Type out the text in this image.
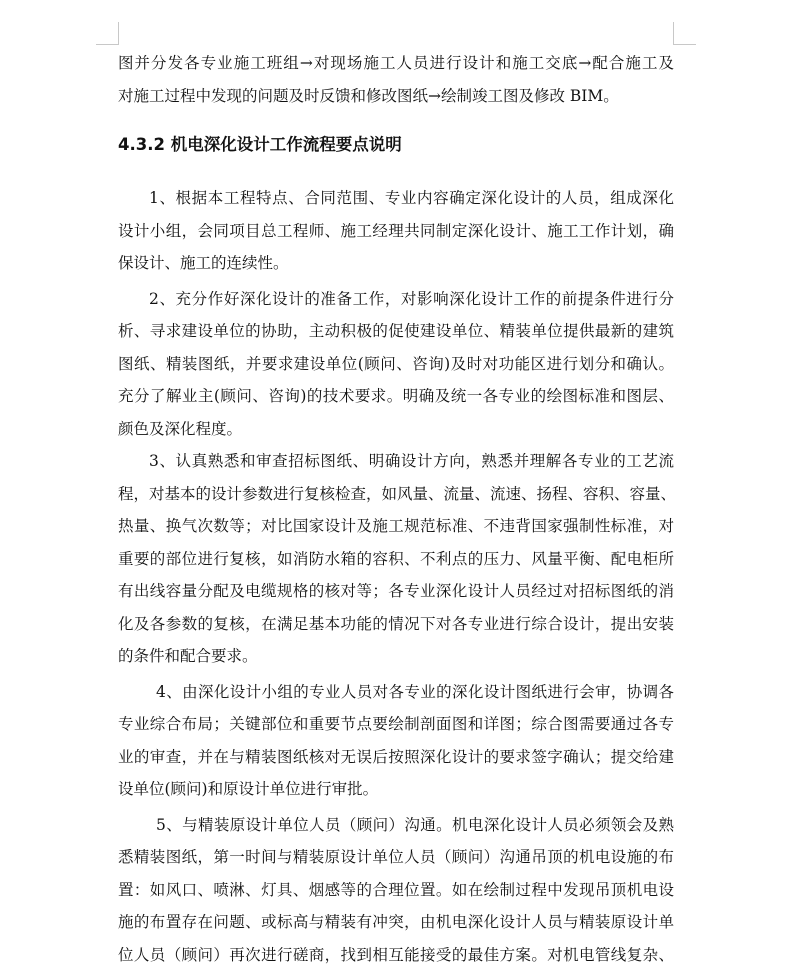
图并分发各专业施工班组→对现场施工人员进行设计和施工交底→配合施工及
对施工过程中发现的问题及时反馈和修改图纸→绘制竣工图及修改 BIM。
4.3.2 机电深化设计工作流程要点说明
1、根据本工程特点、合同范围、专业内容确定深化设计的人员，组成深化
设计小组，会同项目总工程师、施工经理共同制定深化设计、施工工作计划，确
保设计、施工的连续性。
2、充分作好深化设计的准备工作，对影响深化设计工作的前提条件进行分
析、寻求建设单位的协助，主动积极的促使建设单位、精装单位提供最新的建筑
图纸、精装图纸，并要求建设单位(顾问、咨询)及时对功能区进行划分和确认。
充分了解业主(顾问、咨询)的技术要求。明确及统一各专业的绘图标准和图层、
颜色及深化程度。
3、认真熟悉和审查招标图纸、明确设计方向，熟悉并理解各专业的工艺流
程，对基本的设计参数进行复核检查，如风量、流量、流速、扬程、容积、容量、
热量、换气次数等；对比国家设计及施工规范标准、不违背国家强制性标准，对
重要的部位进行复核，如消防水箱的容积、不利点的压力、风量平衡、配电柜所
有出线容量分配及电缆规格的核对等；各专业深化设计人员经过对招标图纸的消
化及各参数的复核，在满足基本功能的情况下对各专业进行综合设计，提出安装
的条件和配合要求。
4、由深化设计小组的专业人员对各专业的深化设计图纸进行会审，协调各
专业综合布局；关键部位和重要节点要绘制剖面图和详图；综合图需要通过各专
业的审查，并在与精装图纸核对无误后按照深化设计的要求签字确认；提交给建
设单位(顾问)和原设计单位进行审批。
5、与精装原设计单位人员（顾问）沟通。机电深化设计人员必须领会及熟
悉精装图纸，第一时间与精装原设计单位人员（顾问）沟通吊顶的机电设施的布
置：如风口、喷淋、灯具、烟感等的合理位置。如在绘制过程中发现吊顶机电设
施的布置存在问题、或标高与精装有冲突，由机电深化设计人员与精装原设计单
位人员（顾问）再次进行磋商，找到相互能接受的最佳方案。对机电管线复杂、
